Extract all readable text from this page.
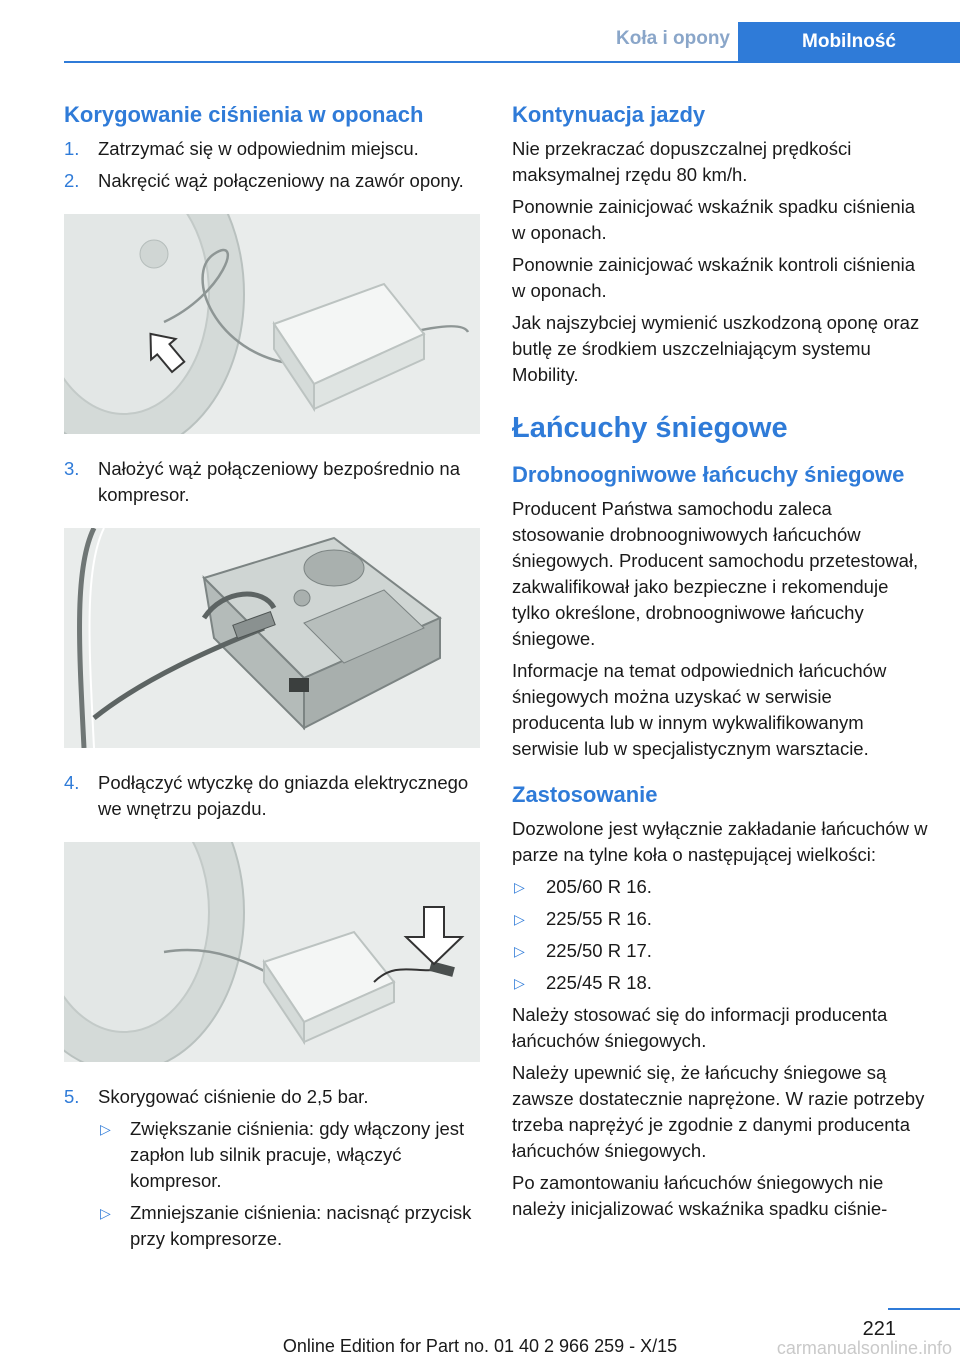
Koła i opony	Mobilność
Korygowanie ciśnienia w oponach
1. Zatrzymać się w odpowiednim miejscu.
2. Nakręcić wąż połączeniowy na zawór opony.
3. Nałożyć wąż połączeniowy bezpośrednio na kompresor.
4. Podłączyć wtyczkę do gniazda elektrycznego we wnętrzu pojazdu.
5. Skorygować ciśnienie do 2,5 bar.
▷ Zwiększanie ciśnienia: gdy włączony jest zapłon lub silnik pracuje, włączyć kompresor.
▷ Zmniejszanie ciśnienia: nacisnąć przycisk przy kompresorze.
Kontynuacja jazdy

Nie przekraczać dopuszczalnej prędkości maksymalnej rzędu 80 km/h.

Ponownie zainicjować wskaźnik spadku ciśnienia w oponach.

Ponownie zainicjować wskaźnik kontroli ciśnienia w oponach.

Jak najszybciej wymienić uszkodzoną oponę oraz butlę ze środkiem uszczelniającym systemu Mobility.

Łańcuchy śniegowe
Drobnoogniwowe łańcuchy śniegowe

Producent Państwa samochodu zaleca stosowanie drobnoogniwowych łańcuchów śniegowych. Producent samochodu przetestował, zakwalifikował jako bezpieczne i rekomenduje tylko określone, drobnoogniwowe łańcuchy śniegowe.

Informacje na temat odpowiednich łańcuchów śniegowych można uzyskać w serwisie producenta lub w innym wykwalifikowanym serwisie lub w specjalistycznym warsztacie.

Zastosowanie

Dozwolone jest wyłącznie zakładanie łańcuchów w parze na tylne koła o następującej wielkości:

▷ 205/60 R 16.
▷ 225/55 R 16.
▷ 225/50 R 17.
▷ 225/45 R 18.

Należy stosować się do informacji producenta łańcuchów śniegowych.

Należy upewnić się, że łańcuchy śniegowe są zawsze dostatecznie naprężone. W razie potrzeby trzeba naprężyć je zgodnie z danymi producenta łańcuchów śniegowych.

Po zamontowaniu łańcuchów śniegowych nie należy inicjalizować wskaźnika spadku ciśnie-

221
Online Edition for Part no. 01 40 2 966 259 - X/15	carmanualsonline.info
